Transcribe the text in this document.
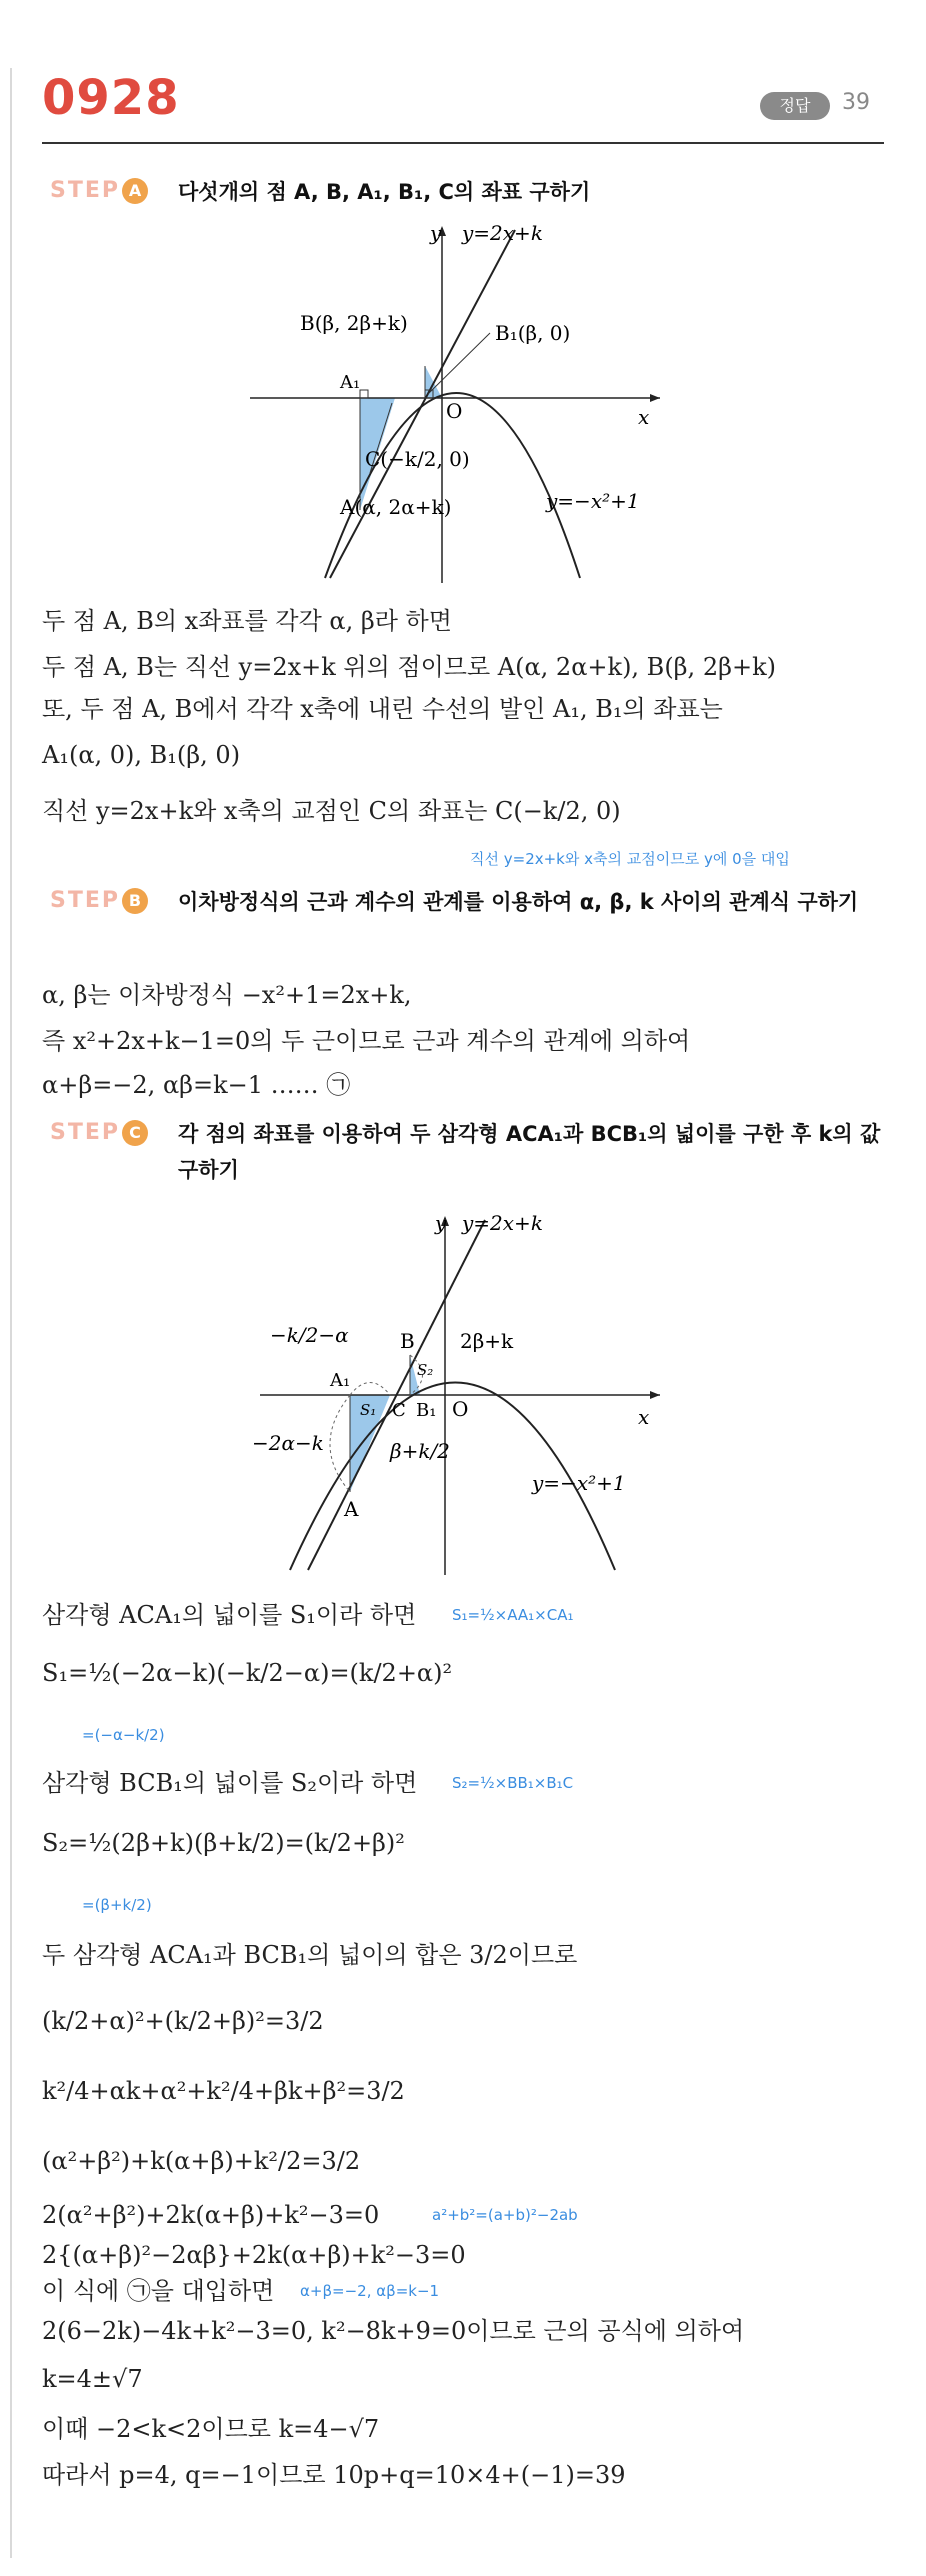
0928	정답	39
STEP A 다섯개의 점 A, B, A₁, B₁, C의 좌표 구하기
y y=2x+k
B(β, 2β+k)	B₁(β, 0)
A₁
O	x
C(−k/2, 0)
A(α, 2α+k)	y=−x²+1
두 점 A, B의 x좌표를 각각 α, β라 하면
두 점 A, B는 직선 y=2x+k 위의 점이므로 A(α, 2α+k), B(β, 2β+k)
또, 두 점 A, B에서 각각 x축에 내린 수선의 발인 A₁, B₁의 좌표는
A₁(α, 0), B₁(β, 0)
직선 y=2x+k와 x축의 교점인 C의 좌표는 C(−k/2, 0)
직선 y=2x+k와 x축의 교점이므로 y에 0을 대입
STEP B 이차방정식의 근과 계수의 관계를 이용하여 α, β, k 사이의 관계식 구하기
α, β는 이차방정식 −x²+1=2x+k,
즉 x²+2x+k−1=0의 두 근이므로 근과 계수의 관계에 의하여
α+β=−2, αβ=k−1 …… ㉠
STEP C 각 점의 좌표를 이용하여 두 삼각형 ACA₁과 BCB₁의 넓이를 구한 후 k의 값 구하기
y y=2x+k
B 2β+k
−k/2−α
A₁	S₂
S₁ C B₁ O	x
−2α−k	β+k/2
y=−x²+1
A
삼각형 ACA₁의 넓이를 S₁이라 하면 S₁=½×AA₁×CA₁
S₁=½(−2α−k)(−k/2−α)=(k/2+α)²
=(−α−k/2)
삼각형 BCB₁의 넓이를 S₂이라 하면 S₂=½×BB₁×B₁C
S₂=½(2β+k)(β+k/2)=(k/2+β)²
=(β+k/2)
두 삼각형 ACA₁과 BCB₁의 넓이의 합은 3/2이므로
(k/2+α)²+(k/2+β)²=3/2
k²/4+αk+α²+k²/4+βk+β²=3/2
(α²+β²)+k(α+β)+k²/2=3/2
2(α²+β²)+2k(α+β)+k²−3=0	a²+b²=(a+b)²−2ab
2{(α+β)²−2αβ}+2k(α+β)+k²−3=0
이 식에 ㉠을 대입하면 α+β=−2, αβ=k−1
2(6−2k)−4k+k²−3=0, k²−8k+9=0이므로 근의 공식에 의하여
k=4±√7
이때 −2<k<2이므로 k=4−√7
따라서 p=4, q=−1이므로 10p+q=10×4+(−1)=39
